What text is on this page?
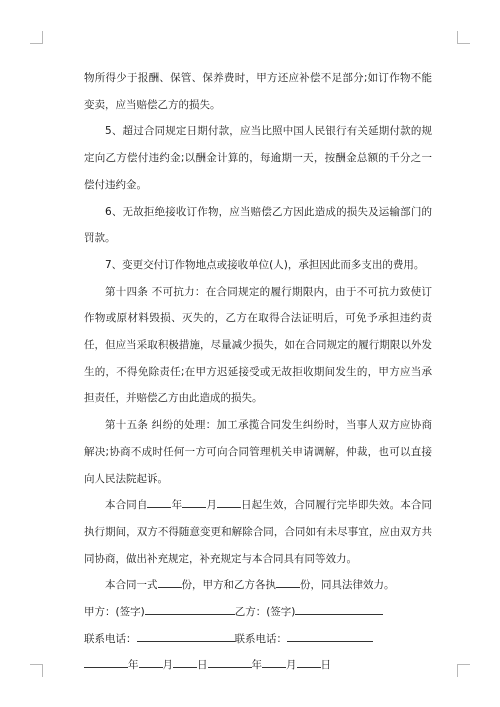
物所得少于报酬、保管、保养费时，甲方还应补偿不足部分;如订作物不能变卖，应当赔偿乙方的损失。

5、超过合同规定日期付款，应当比照中国人民银行有关延期付款的规定向乙方偿付违约金;以酬金计算的，每逾期一天，按酬金总额的千分之一偿付违约金。

6、无故拒绝接收订作物，应当赔偿乙方因此造成的损失及运输部门的罚款。

7、变更交付订作物地点或接收单位(人)，承担因此而多支出的费用。

第十四条 不可抗力：在合同规定的履行期限内，由于不可抗力致使订作物或原材料毁损、灭失的，乙方在取得合法证明后，可免予承担违约责任，但应当采取积极措施，尽量减少损失，如在合同规定的履行期限以外发生的，不得免除责任;在甲方迟延接受或无故拒收期间发生的，甲方应当承担责任，并赔偿乙方由此造成的损失。

第十五条 纠纷的处理：加工承揽合同发生纠纷时，当事人双方应协商解决;协商不成时任何一方可向合同管理机关申请调解，仲裁，也可以直接向人民法院起诉。

本合同自 年 月 日起生效，合同履行完毕即失效。本合同执行期间，双方不得随意变更和解除合同，合同如有未尽事宜，应由双方共同协商，做出补充规定，补充规定与本合同具有同等效力。

本合同一式 份，甲方和乙方各执 份，同具法律效力。

甲方：(签字)	乙方：(签字)

联系电话：	联系电话：

年 月 日	年 月 日
